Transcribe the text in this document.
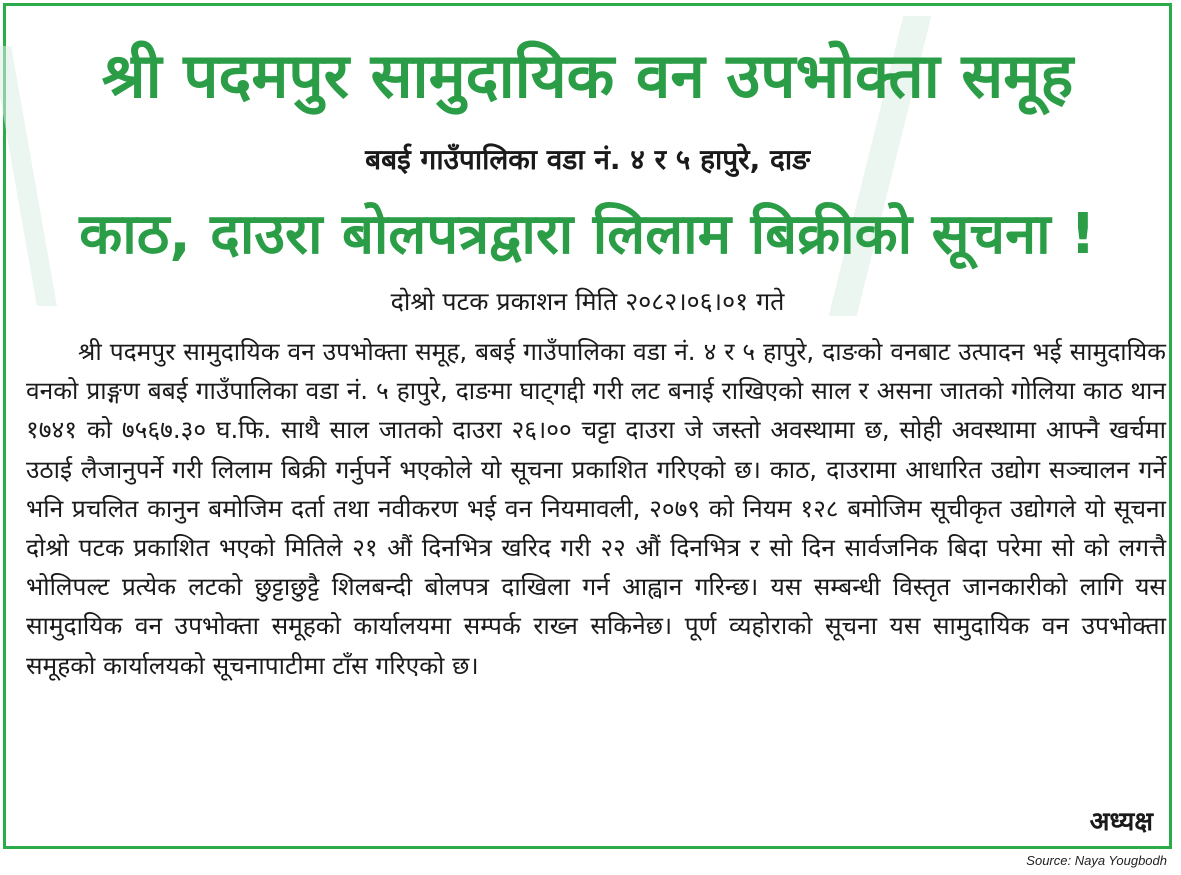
श्री पदमपुर सामुदायिक वन उपभोक्ता समूह
बबई गाउँपालिका वडा नं. ४ र ५ हापुरे, दाङ
काठ, दाउरा बोलपत्रद्वारा लिलाम बिक्रीको सूचना !
दोश्रो पटक प्रकाशन मिति २०८२।०६।०१ गते

श्री पदमपुर सामुदायिक वन उपभोक्ता समूह, बबई गाउँपालिका वडा नं. ४ र ५ हापुरे, दाङको वनबाट उत्पादन भई सामुदायिक वनको प्राङ्गण बबई गाउँपालिका वडा नं. ५ हापुरे, दाङमा घाट्गद्दी गरी लट बनाई राखिएको साल र असना जातको गोलिया काठ थान १७४१ को ७५६७.३० घ.फि. साथै साल जातको दाउरा २६।०० चट्टा दाउरा जे जस्तो अवस्थामा छ, सोही अवस्थामा आफ्नै खर्चमा उठाई लैजानुपर्ने गरी लिलाम बिक्री गर्नुपर्ने भएकोले यो सूचना प्रकाशित गरिएको छ। काठ, दाउरामा आधारित उद्योग सञ्चालन गर्ने भनि प्रचलित कानुन बमोजिम दर्ता तथा नवीकरण भई वन नियमावली, २०७९ को नियम १२८ बमोजिम सूचीकृत उद्योगले यो सूचना दोश्रो पटक प्रकाशित भएको मितिले २१ औं दिनभित्र खरिद गरी २२ औं दिनभित्र र सो दिन सार्वजनिक बिदा परेमा सो को लगत्तै भोलिपल्ट प्रत्येक लटको छुट्टाछुट्टै शिलबन्दी बोलपत्र दाखिला गर्न आह्वान गरिन्छ। यस सम्बन्धी विस्तृत जानकारीको लागि यस सामुदायिक वन उपभोक्ता समूहको कार्यालयमा सम्पर्क राख्न सकिनेछ। पूर्ण व्यहोराको सूचना यस सामुदायिक वन उपभोक्ता समूहको कार्यालयको सूचनापाटीमा टाँस गरिएको छ।

अध्यक्ष
Source: Naya Yougbodh
